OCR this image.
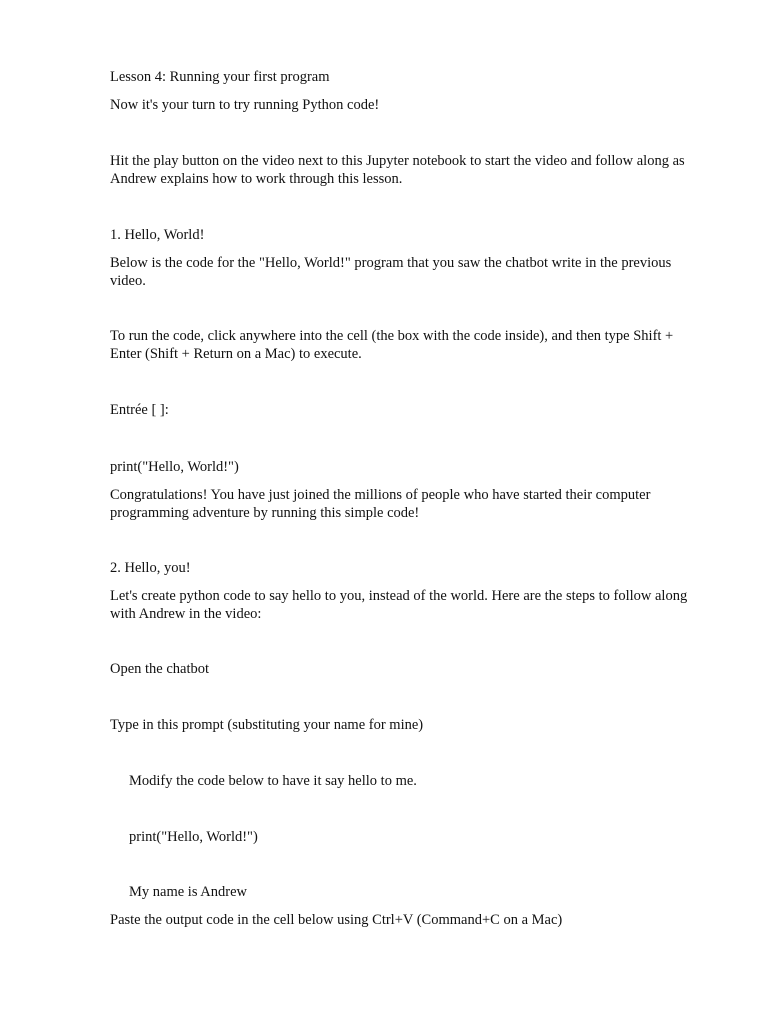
Lesson 4: Running your first program

Now it's your turn to try running Python code!

Hit the play button on the video next to this Jupyter notebook to start the video and follow along as Andrew explains how to work through this lesson.

1. Hello, World!

Below is the code for the "Hello, World!" program that you saw the chatbot write in the previous video.

To run the code, click anywhere into the cell (the box with the code inside), and then type Shift + Enter (Shift + Return on a Mac) to execute.

Entrée [ ]:

print("Hello, World!")

Congratulations! You have just joined the millions of people who have started their computer programming adventure by running this simple code!

2. Hello, you!

Let's create python code to say hello to you, instead of the world. Here are the steps to follow along with Andrew in the video:

Open the chatbot

Type in this prompt (substituting your name for mine)

Modify the code below to have it say hello to me.

print("Hello, World!")

My name is Andrew

Paste the output code in the cell below using Ctrl+V (Command+C on a Mac)
